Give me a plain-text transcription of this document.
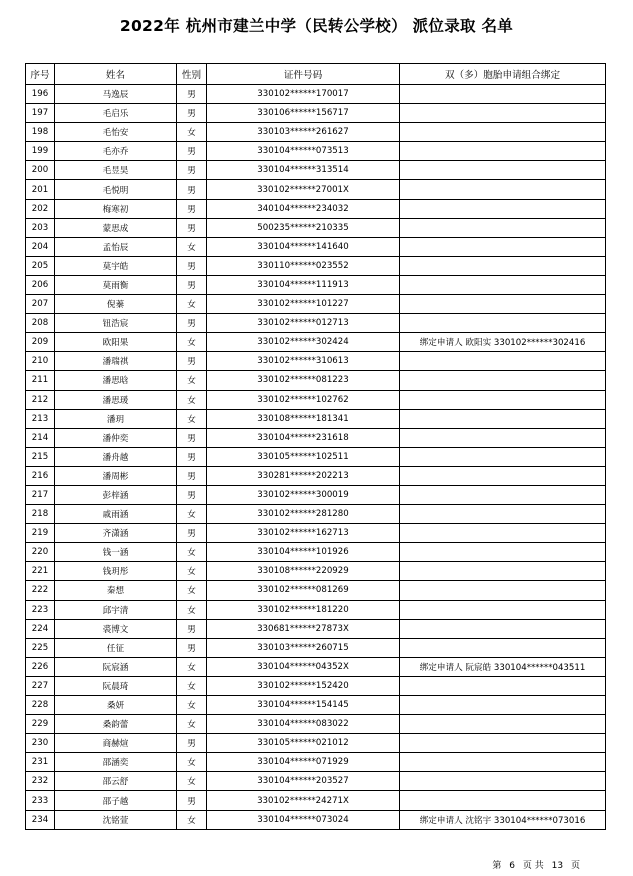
2022年 杭州市建兰中学（民转公学校） 派位录取 名单
序号	姓名	性别	证件号码	双（多）胞胎申请组合绑定
196	马逸辰	男	330102******170017	
197	毛启乐	男	330106******156717	
198	毛怡安	女	330103******261627	
199	毛亦乔	男	330104******073513	
200	毛昱昊	男	330104******313514	
201	毛悦明	男	330102******27001X	
202	梅寒初	男	340104******234032	
203	蒙思成	男	500235******210335	
204	孟怡辰	女	330104******141640	
205	莫宇皓	男	330110******023552	
206	莫雨衡	男	330104******111913	
207	倪蓁	女	330102******101227	
208	钮浩宸	男	330102******012713	
209	欧阳果	女	330102******302424	绑定申请人 欧阳实 330102******302416
210	潘瑞祺	男	330102******310613	
211	潘思晗	女	330102******081223	
212	潘思瑗	女	330102******102762	
213	潘玥	女	330108******181341	
214	潘仲奕	男	330104******231618	
215	潘舟越	男	330105******102511	
216	潘周彬	男	330281******202213	
217	彭梓涵	男	330102******300019	
218	戚雨涵	女	330102******281280	
219	齐潇涵	男	330102******162713	
220	钱一涵	女	330104******101926	
221	钱玥彤	女	330108******220929	
222	秦想	女	330102******081269	
223	邱宇清	女	330102******181220	
224	裘博文	男	330681******27873X	
225	任征	男	330103******260715	
226	阮宸涵	女	330104******04352X	绑定申请人 阮宸皓 330104******043511
227	阮晨琦	女	330102******152420	
228	桑妍	女	330104******154145	
229	桑韵蕾	女	330104******083022	
230	商赫煊	男	330105******021012	
231	邵涵奕	女	330104******071929	
232	邵云舒	女	330104******203527	
233	邵子越	男	330102******24271X	
234	沈铭萱	女	330104******073024	绑定申请人 沈铭宇 330104******073016
第 6 页 共 13 页
